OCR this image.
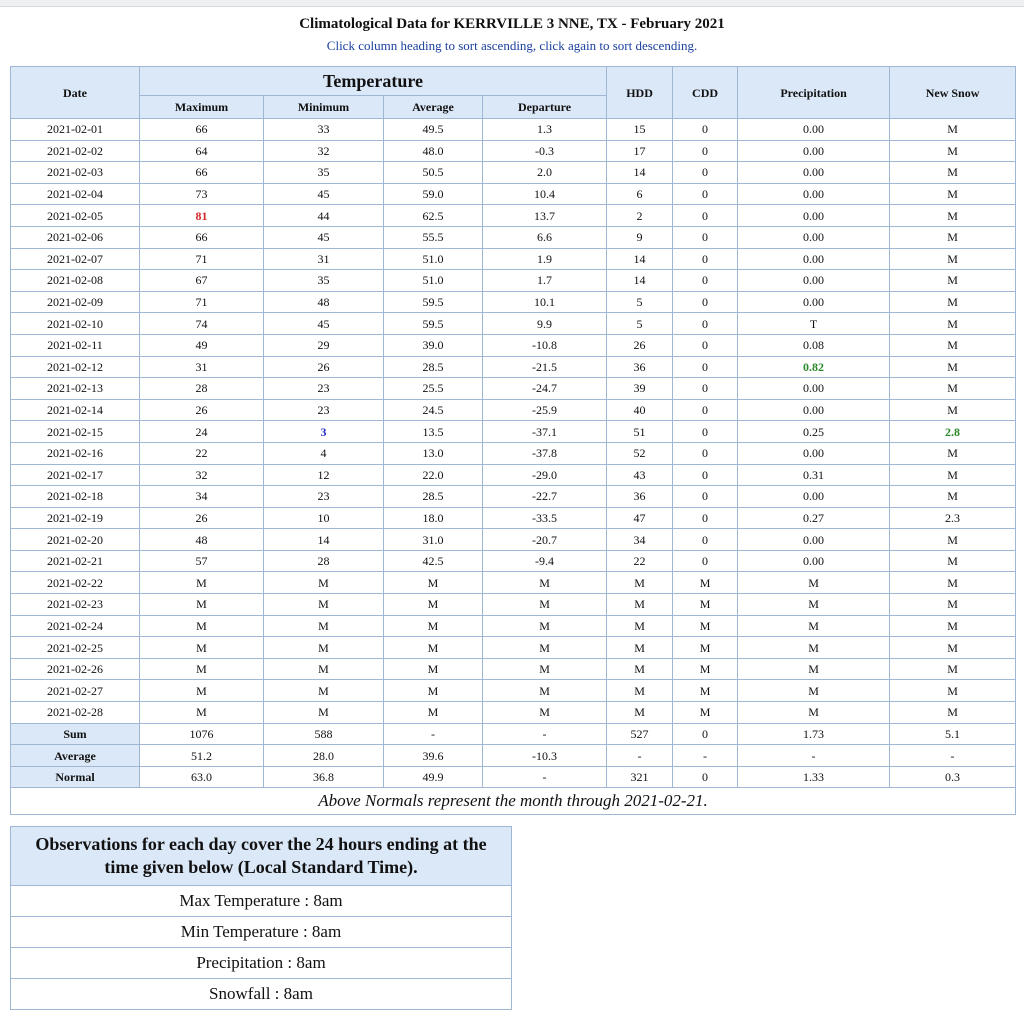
Climatological Data for KERRVILLE 3 NNE, TX - February 2021
Click column heading to sort ascending, click again to sort descending.
Date	Temperature				HDD	CDD	Precipitation	New Snow
	Maximum	Minimum	Average	Departure				
2021-02-01	66	33	49.5	1.3	15	0	0.00	M
2021-02-02	64	32	48.0	-0.3	17	0	0.00	M
2021-02-03	66	35	50.5	2.0	14	0	0.00	M
2021-02-04	73	45	59.0	10.4	6	0	0.00	M
2021-02-05	81	44	62.5	13.7	2	0	0.00	M
2021-02-06	66	45	55.5	6.6	9	0	0.00	M
2021-02-07	71	31	51.0	1.9	14	0	0.00	M
2021-02-08	67	35	51.0	1.7	14	0	0.00	M
2021-02-09	71	48	59.5	10.1	5	0	0.00	M
2021-02-10	74	45	59.5	9.9	5	0	T	M
2021-02-11	49	29	39.0	-10.8	26	0	0.08	M
2021-02-12	31	26	28.5	-21.5	36	0	0.82	M
2021-02-13	28	23	25.5	-24.7	39	0	0.00	M
2021-02-14	26	23	24.5	-25.9	40	0	0.00	M
2021-02-15	24	3	13.5	-37.1	51	0	0.25	2.8
2021-02-16	22	4	13.0	-37.8	52	0	0.00	M
2021-02-17	32	12	22.0	-29.0	43	0	0.31	M
2021-02-18	34	23	28.5	-22.7	36	0	0.00	M
2021-02-19	26	10	18.0	-33.5	47	0	0.27	2.3
2021-02-20	48	14	31.0	-20.7	34	0	0.00	M
2021-02-21	57	28	42.5	-9.4	22	0	0.00	M
2021-02-22	M	M	M	M	M	M	M	M
2021-02-23	M	M	M	M	M	M	M	M
2021-02-24	M	M	M	M	M	M	M	M
2021-02-25	M	M	M	M	M	M	M	M
2021-02-26	M	M	M	M	M	M	M	M
2021-02-27	M	M	M	M	M	M	M	M
2021-02-28	M	M	M	M	M	M	M	M
Sum	1076	588	-	-	527	0	1.73	5.1
Average	51.2	28.0	39.6	-10.3	-	-	-	-
Normal	63.0	36.8	49.9	-	321	0	1.33	0.3
Above Normals represent the month through 2021-02-21.								
Observations for each day cover the 24 hours ending at the time given below (Local Standard Time).
Max Temperature : 8am
Min Temperature : 8am
Precipitation : 8am
Snowfall : 8am
